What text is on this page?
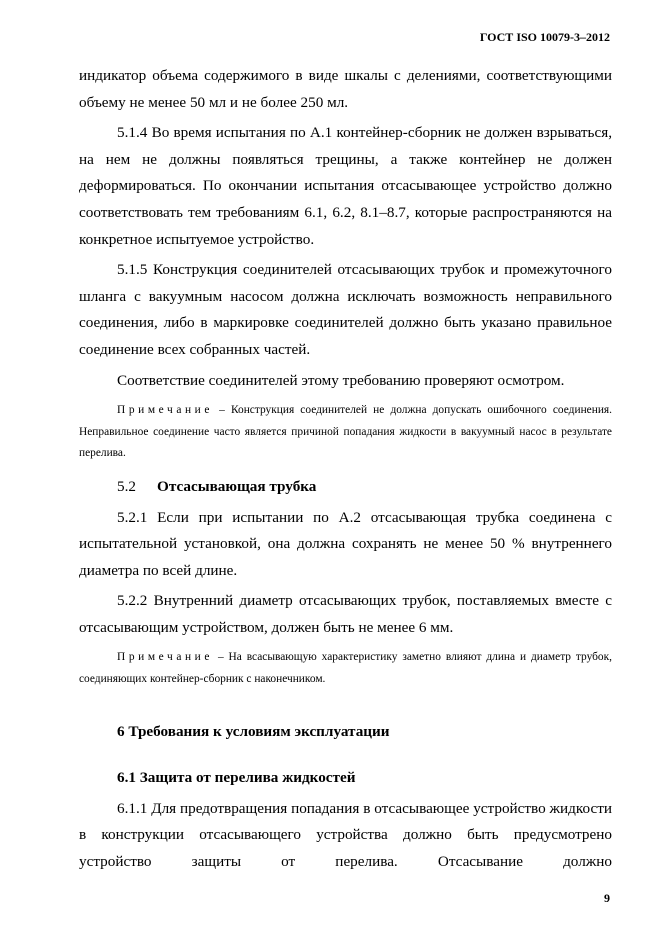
ГОСТ ISO 10079-3–2012

индикатор объема содержимого в виде шкалы с делениями, соответствующими объему не менее 50 мл и не более 250 мл.

5.1.4 Во время испытания по А.1 контейнер-сборник не должен взрываться, на нем не должны появляться трещины, а также контейнер не должен деформироваться. По окончании испытания отсасывающее устройство должно соответствовать тем требованиям 6.1, 6.2, 8.1–8.7, которые распространяются на конкретное испытуемое устройство.

5.1.5 Конструкция соединителей отсасывающих трубок и промежуточного шланга с вакуумным насосом должна исключать возможность неправильного соединения, либо в маркировке соединителей должно быть указано правильное соединение всех собранных частей.

Соответствие соединителей этому требованию проверяют осмотром.

Примечание – Конструкция соединителей не должна допускать ошибочного соединения. Неправильное соединение часто является причиной попадания жидкости в вакуумный насос в результате перелива.

5.2 Отсасывающая трубка

5.2.1 Если при испытании по А.2 отсасывающая трубка соединена с испытательной установкой, она должна сохранять не менее 50 % внутреннего диаметра по всей длине.

5.2.2 Внутренний диаметр отсасывающих трубок, поставляемых вместе с отсасывающим устройством, должен быть не менее 6 мм.

Примечание – На всасывающую характеристику заметно влияют длина и диаметр трубок, соединяющих контейнер-сборник с наконечником.

6 Требования к условиям эксплуатации

6.1 Защита от перелива жидкостей

6.1.1 Для предотвращения попадания в отсасывающее устройство жидкости в конструкции отсасывающего устройства должно быть предусмотрено устройство защиты от перелива. Отсасывание должно

9
